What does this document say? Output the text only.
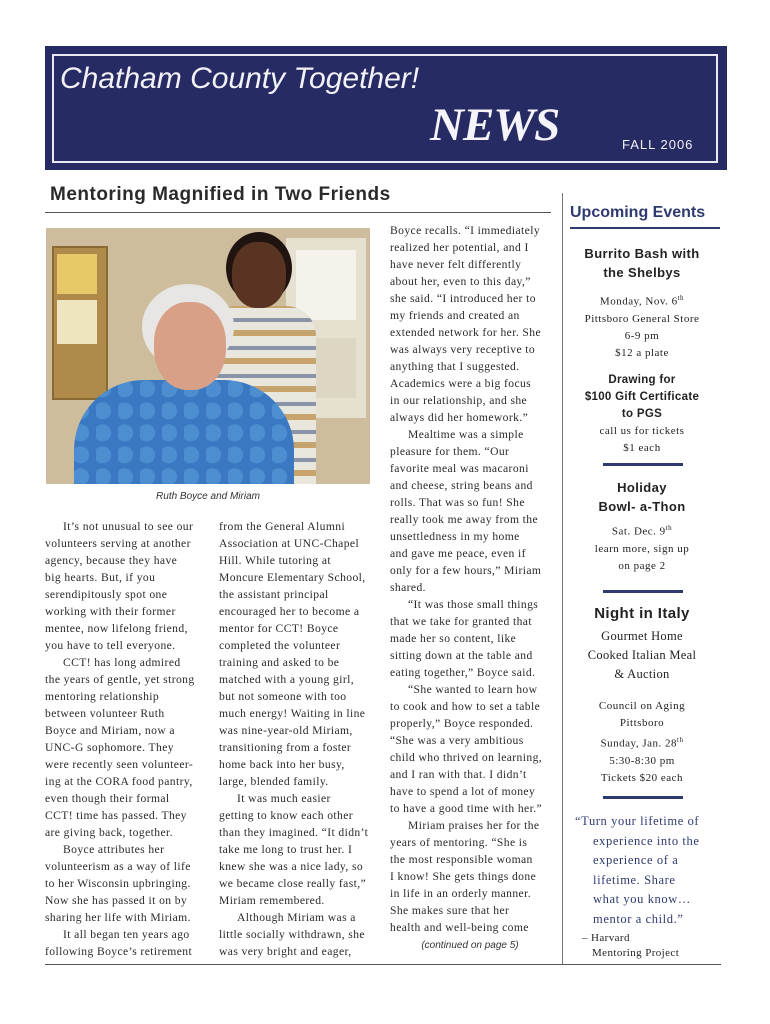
Chatham County Together!
NEWS	FALL 2006
Mentoring Magnified in Two Friends
Ruth Boyce and Miriam

It’s not unusual to see our

volunteers serving at another

agency, because they have

big hearts. But, if you

serendipitously spot one

working with their former

mentee, now lifelong friend,

you have to tell everyone.

CCT! has long admired

the years of gentle, yet strong

mentoring relationship

between volunteer Ruth

Boyce and Miriam, now a

UNC-G sophomore. They

were recently seen volunteer-

ing at the CORA food pantry,

even though their formal

CCT! time has passed. They

are giving back, together.

Boyce attributes her

volunteerism as a way of life

to her Wisconsin upbringing.

Now she has passed it on by

sharing her life with Miriam.

It all began ten years ago

following Boyce’s retirement

from the General Alumni

Association at UNC-Chapel

Hill. While tutoring at

Moncure Elementary School,

the assistant principal

encouraged her to become a

mentor for CCT! Boyce

completed the volunteer

training and asked to be

matched with a young girl,

but not someone with too

much energy! Waiting in line

was nine-year-old Miriam,

transitioning from a foster

home back into her busy,

large, blended family.

It was much easier

getting to know each other

than they imagined. “It didn’t

take me long to trust her. I

knew she was a nice lady, so

we became close really fast,”

Miriam remembered.

Although Miriam was a

little socially withdrawn, she

was very bright and eager,

Boyce recalls. “I immediately

realized her potential, and I

have never felt differently

about her, even to this day,”

she said. “I introduced her to

my friends and created an

extended network for her. She

was always very receptive to

anything that I suggested.

Academics were a big focus

in our relationship, and she

always did her homework.”

Mealtime was a simple

pleasure for them. “Our

favorite meal was macaroni

and cheese, string beans and

rolls. That was so fun! She

really took me away from the

unsettledness in my home

and gave me peace, even if

only for a few hours,” Miriam

shared.

“It was those small things

that we take for granted that

made her so content, like

sitting down at the table and

eating together,” Boyce said.

“She wanted to learn how

to cook and how to set a table

properly,” Boyce responded.

“She was a very ambitious

child who thrived on learning,

and I ran with that. I didn’t

have to spend a lot of money

to have a good time with her.”

Miriam praises her for the

years of mentoring. “She is

the most responsible woman

I know! She gets things done

in life in an orderly manner.

She makes sure that her

health and well-being come

(continued on page 5)
Upcoming Events
Burrito Bash with
the Shelbys
Monday, Nov. 6th
Pittsboro General Store
6-9 pm
$12 a plate
Drawing for
$100 Gift Certificate
to PGS
call us for tickets
$1 each
Holiday
Bowl- a-Thon
Sat. Dec. 9th
learn more, sign up
on page 2
Night in Italy
Gourmet Home
Cooked Italian Meal
& Auction
Council on Aging
Pittsboro
Sunday, Jan. 28th
5:30-8:30 pm
Tickets $20 each

“Turn your lifetime of

experience into the

experience of a

lifetime. Share

what you know…

mentor a child.”

– Harvard

Mentoring Project
